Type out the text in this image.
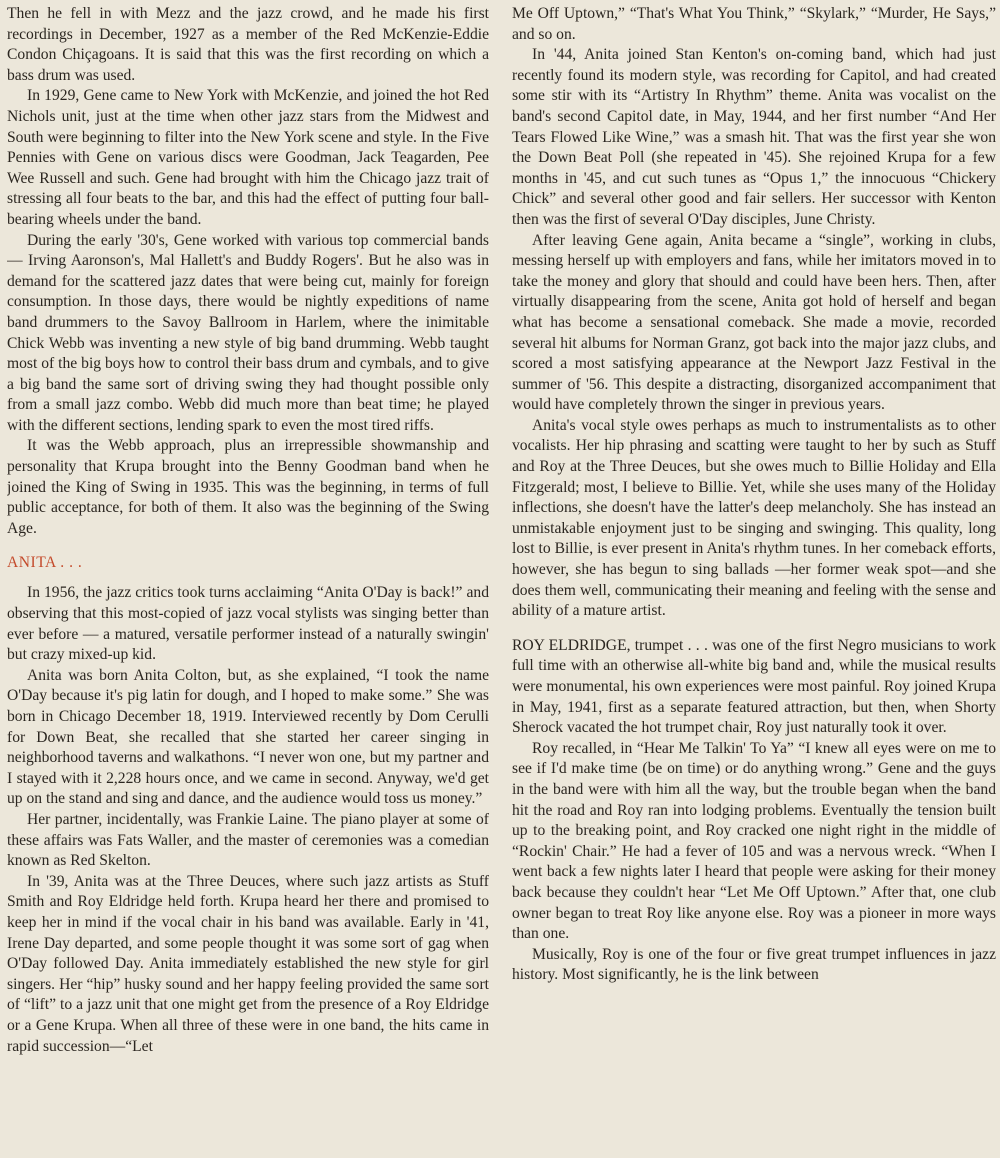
Then he fell in with Mezz and the jazz crowd, and he made his first recordings in December, 1927 as a member of the Red McKenzie-Eddie Condon Chiçagoans. It is said that this was the first recording on which a bass drum was used.

In 1929, Gene came to New York with McKenzie, and joined the hot Red Nichols unit, just at the time when other jazz stars from the Midwest and South were beginning to filter into the New York scene and style. In the Five Pennies with Gene on various discs were Goodman, Jack Teagarden, Pee Wee Russell and such. Gene had brought with him the Chicago jazz trait of stressing all four beats to the bar, and this had the effect of putting four ball-bearing wheels under the band.

During the early '30's, Gene worked with various top commercial bands — Irving Aaronson's, Mal Hallett's and Buddy Rogers'. But he also was in demand for the scattered jazz dates that were being cut, mainly for foreign consumption. In those days, there would be nightly expeditions of name band drummers to the Savoy Ballroom in Harlem, where the inimitable Chick Webb was inventing a new style of big band drumming. Webb taught most of the big boys how to control their bass drum and cymbals, and to give a big band the same sort of driving swing they had thought possible only from a small jazz combo. Webb did much more than beat time; he played with the different sections, lending spark to even the most tired riffs.

It was the Webb approach, plus an irrepressible showmanship and personality that Krupa brought into the Benny Goodman band when he joined the King of Swing in 1935. This was the beginning, in terms of full public acceptance, for both of them. It also was the beginning of the Swing Age.

ANITA . . .

In 1956, the jazz critics took turns acclaiming “Anita O'Day is back!” and observing that this most-copied of jazz vocal stylists was singing better than ever before — a matured, versatile performer instead of a naturally swingin' but crazy mixed-up kid.

Anita was born Anita Colton, but, as she explained, “I took the name O'Day because it's pig latin for dough, and I hoped to make some.” She was born in Chicago December 18, 1919. Interviewed recently by Dom Cerulli for Down Beat, she recalled that she started her career singing in neighborhood taverns and walkathons. “I never won one, but my partner and I stayed with it 2,228 hours once, and we came in second. Anyway, we'd get up on the stand and sing and dance, and the audience would toss us money.”

Her partner, incidentally, was Frankie Laine. The piano player at some of these affairs was Fats Waller, and the master of ceremonies was a comedian known as Red Skelton.

In '39, Anita was at the Three Deuces, where such jazz artists as Stuff Smith and Roy Eldridge held forth. Krupa heard her there and promised to keep her in mind if the vocal chair in his band was available. Early in '41, Irene Day departed, and some people thought it was some sort of gag when O'Day followed Day. Anita immediately established the new style for girl singers. Her “hip” husky sound and her happy feeling provided the same sort of “lift” to a jazz unit that one might get from the presence of a Roy Eldridge or a Gene Krupa. When all three of these were in one band, the hits came in rapid succession—“Let

Me Off Uptown,” “That's What You Think,” “Skylark,” “Murder, He Says,” and so on.

In '44, Anita joined Stan Kenton's on-coming band, which had just recently found its modern style, was recording for Capitol, and had created some stir with its “Artistry In Rhythm” theme. Anita was vocalist on the band's second Capitol date, in May, 1944, and her first number “And Her Tears Flowed Like Wine,” was a smash hit. That was the first year she won the Down Beat Poll (she repeated in '45). She rejoined Krupa for a few months in '45, and cut such tunes as “Opus 1,” the innocuous “Chickery Chick” and several other good and fair sellers. Her successor with Kenton then was the first of several O'Day disciples, June Christy.

After leaving Gene again, Anita became a “single”, working in clubs, messing herself up with employers and fans, while her imitators moved in to take the money and glory that should and could have been hers. Then, after virtually disappearing from the scene, Anita got hold of herself and began what has become a sensational comeback. She made a movie, recorded several hit albums for Norman Granz, got back into the major jazz clubs, and scored a most satisfying appearance at the Newport Jazz Festival in the summer of '56. This despite a distracting, disorganized accompaniment that would have completely thrown the singer in previous years.

Anita's vocal style owes perhaps as much to instrumentalists as to other vocalists. Her hip phrasing and scatting were taught to her by such as Stuff and Roy at the Three Deuces, but she owes much to Billie Holiday and Ella Fitzgerald; most, I believe to Billie. Yet, while she uses many of the Holiday inflections, she doesn't have the latter's deep melancholy. She has instead an unmistakable enjoyment just to be singing and swinging. This quality, long lost to Billie, is ever present in Anita's rhythm tunes. In her comeback efforts, however, she has begun to sing ballads —her former weak spot—and she does them well, communicating their meaning and feeling with the sense and ability of a mature artist.

ROY ELDRIDGE, trumpet . . . was one of the first Negro musicians to work full time with an otherwise all-white big band and, while the musical results were monumental, his own experiences were most painful. Roy joined Krupa in May, 1941, first as a separate featured attraction, but then, when Shorty Sherock vacated the hot trumpet chair, Roy just naturally took it over.

Roy recalled, in “Hear Me Talkin' To Ya” “I knew all eyes were on me to see if I'd make time (be on time) or do anything wrong.” Gene and the guys in the band were with him all the way, but the trouble began when the band hit the road and Roy ran into lodging problems. Eventually the tension built up to the breaking point, and Roy cracked one night right in the middle of “Rockin' Chair.” He had a fever of 105 and was a nervous wreck. “When I went back a few nights later I heard that people were asking for their money back because they couldn't hear “Let Me Off Uptown.” After that, one club owner began to treat Roy like anyone else. Roy was a pioneer in more ways than one.

Musically, Roy is one of the four or five great trumpet influences in jazz history. Most significantly, he is the link between
